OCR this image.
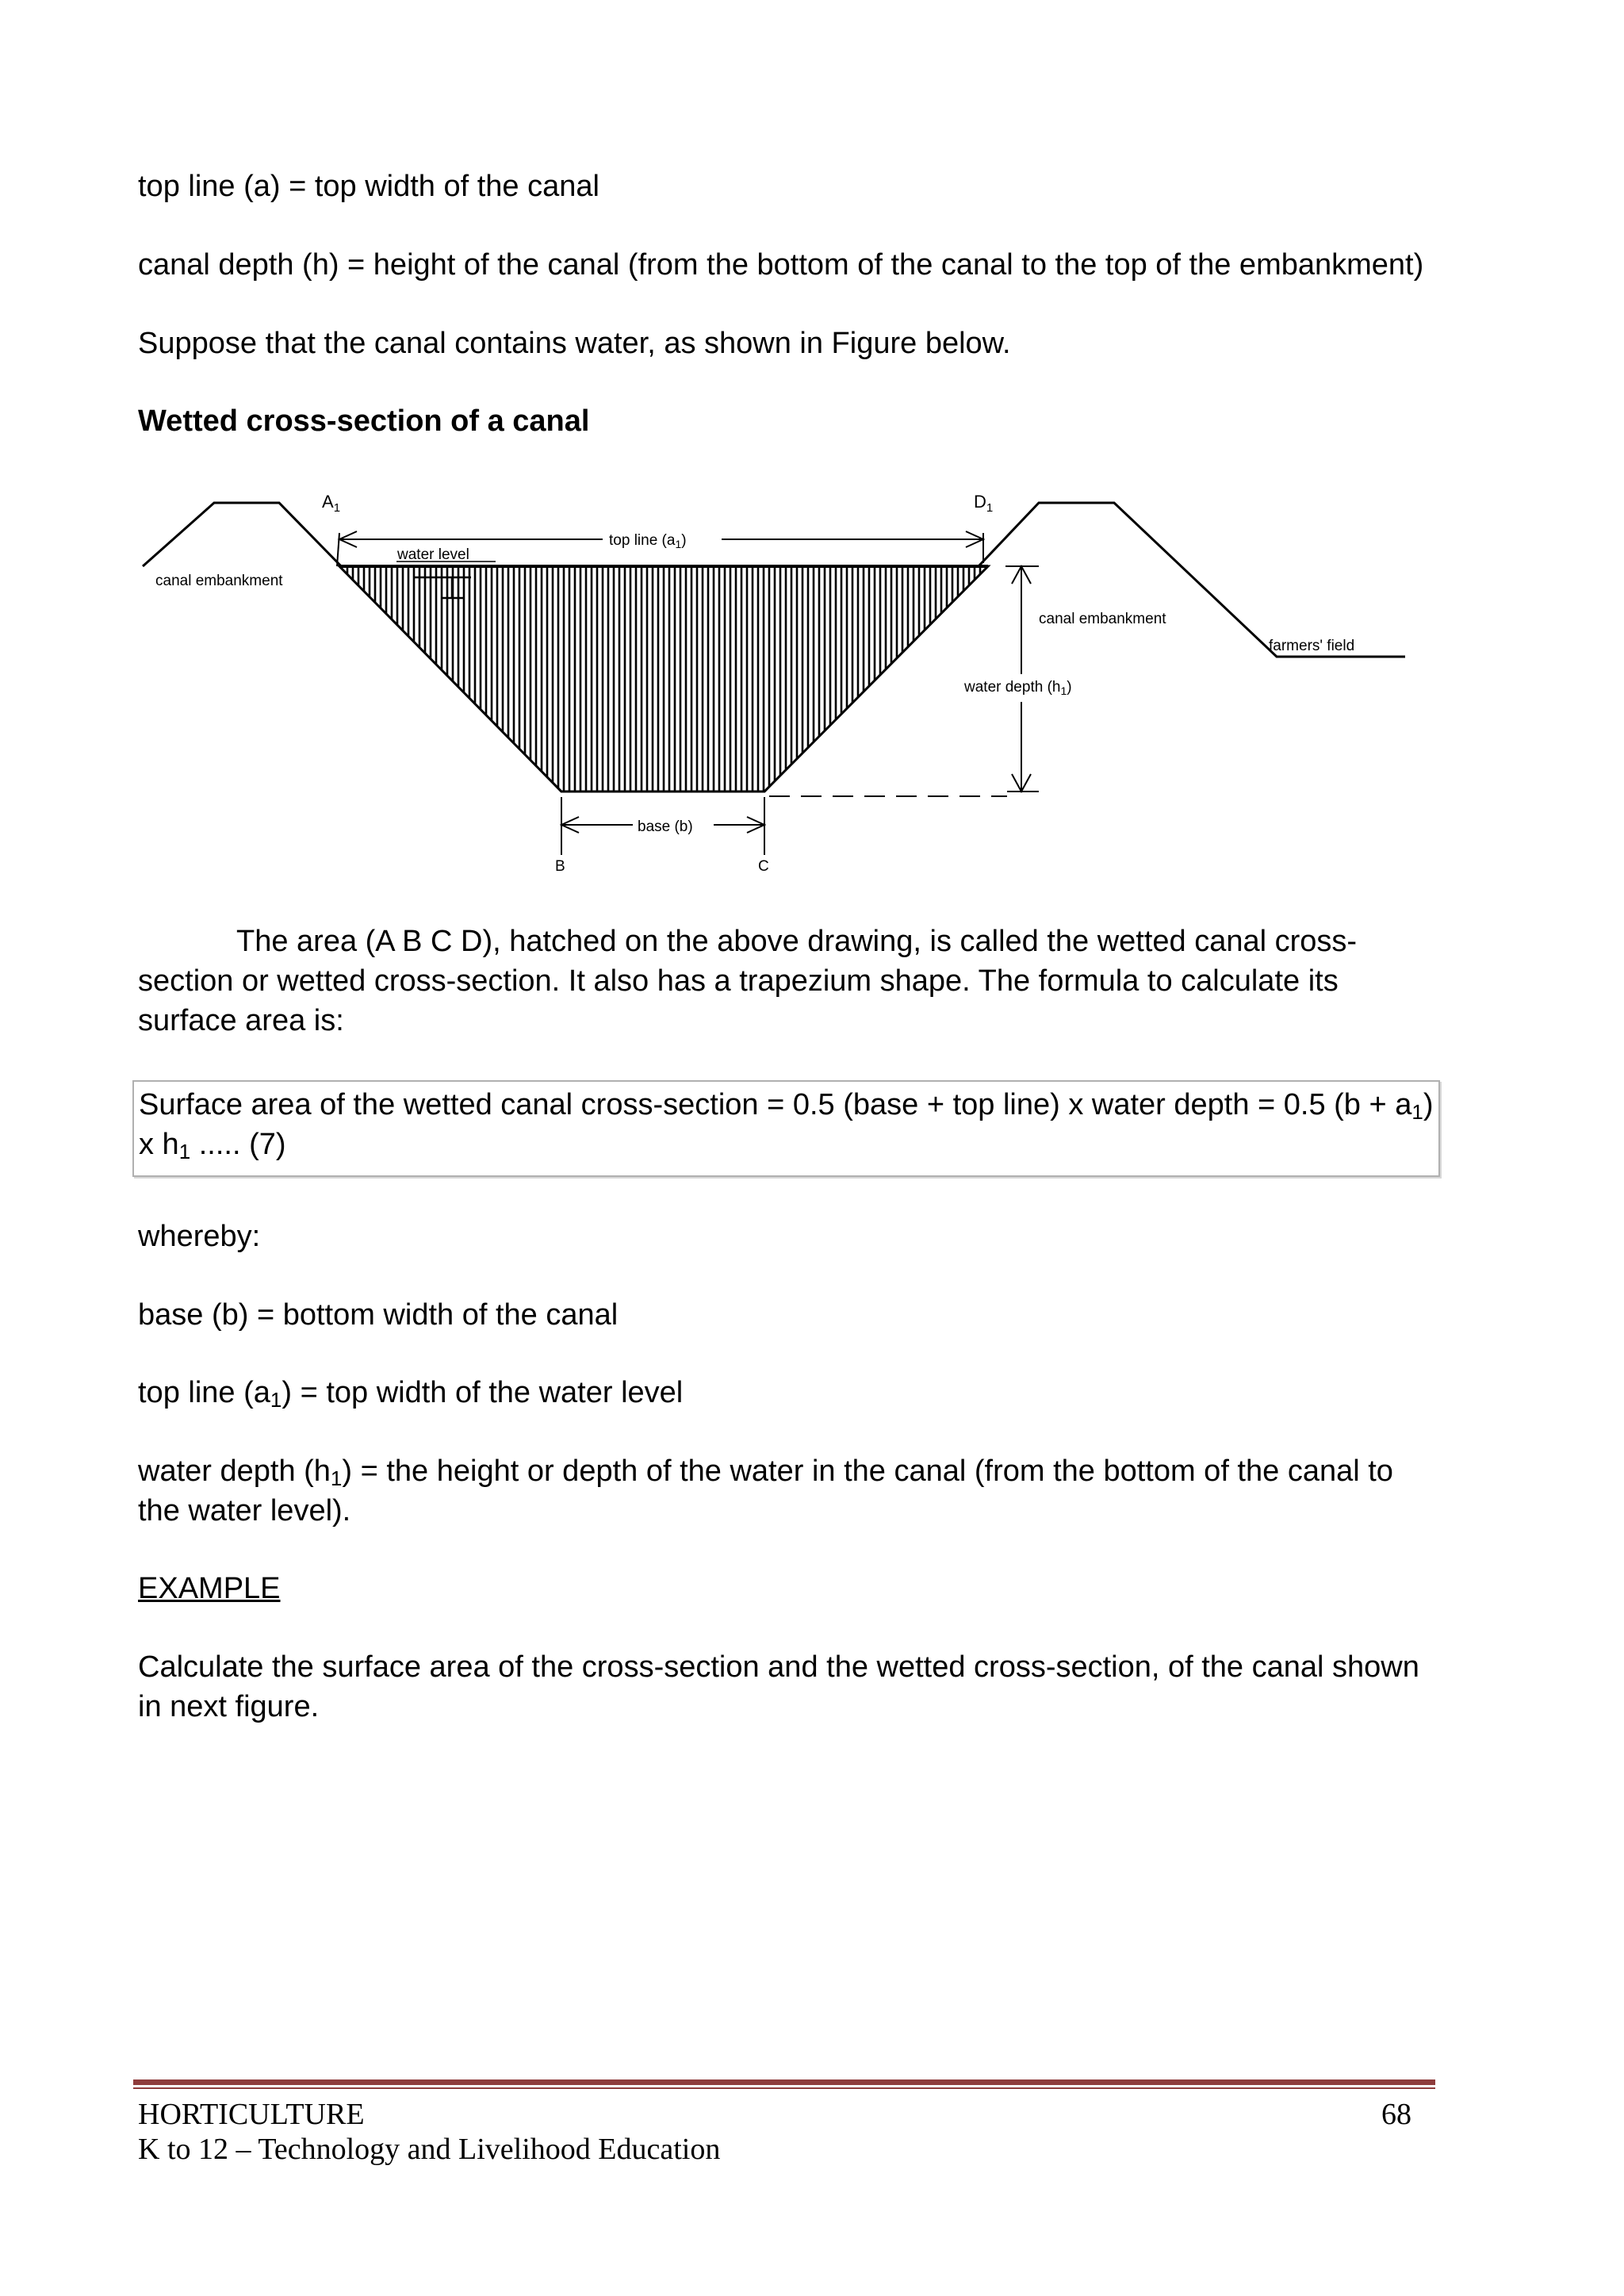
top line (a) = top width of the canal

canal depth (h) = height of the canal (from the bottom of the canal to the top of the embankment)

Suppose that the canal contains water, as shown in Figure below.

Wetted cross-section of a canal

$A_1$	$D_1$
water level
top line $(a_1)$
canal embankment
canal embankment
farmers' field
water depth $(h_1)$
base (b)
B	C

The area (A B C D), hatched on the above drawing, is called the wetted canal cross-section or wetted cross-section. It also has a trapezium shape. The formula to calculate its surface area is:

Surface area of the wetted canal cross-section = 0.5 (base + top line) x water depth = 0.5 $(b + a_1)$
x $h_1$ ..... (7)

whereby:

base (b) = bottom width of the canal

top line $(a_1)$ = top width of the water level

water depth $(h_1)$ = the height or depth of the water in the canal (from the bottom of the canal to the water level).

EXAMPLE

Calculate the surface area of the cross-section and the wetted cross-section, of the canal shown in next figure.

HORTICULTURE
K to 12 – Technology and Livelihood Education
68
